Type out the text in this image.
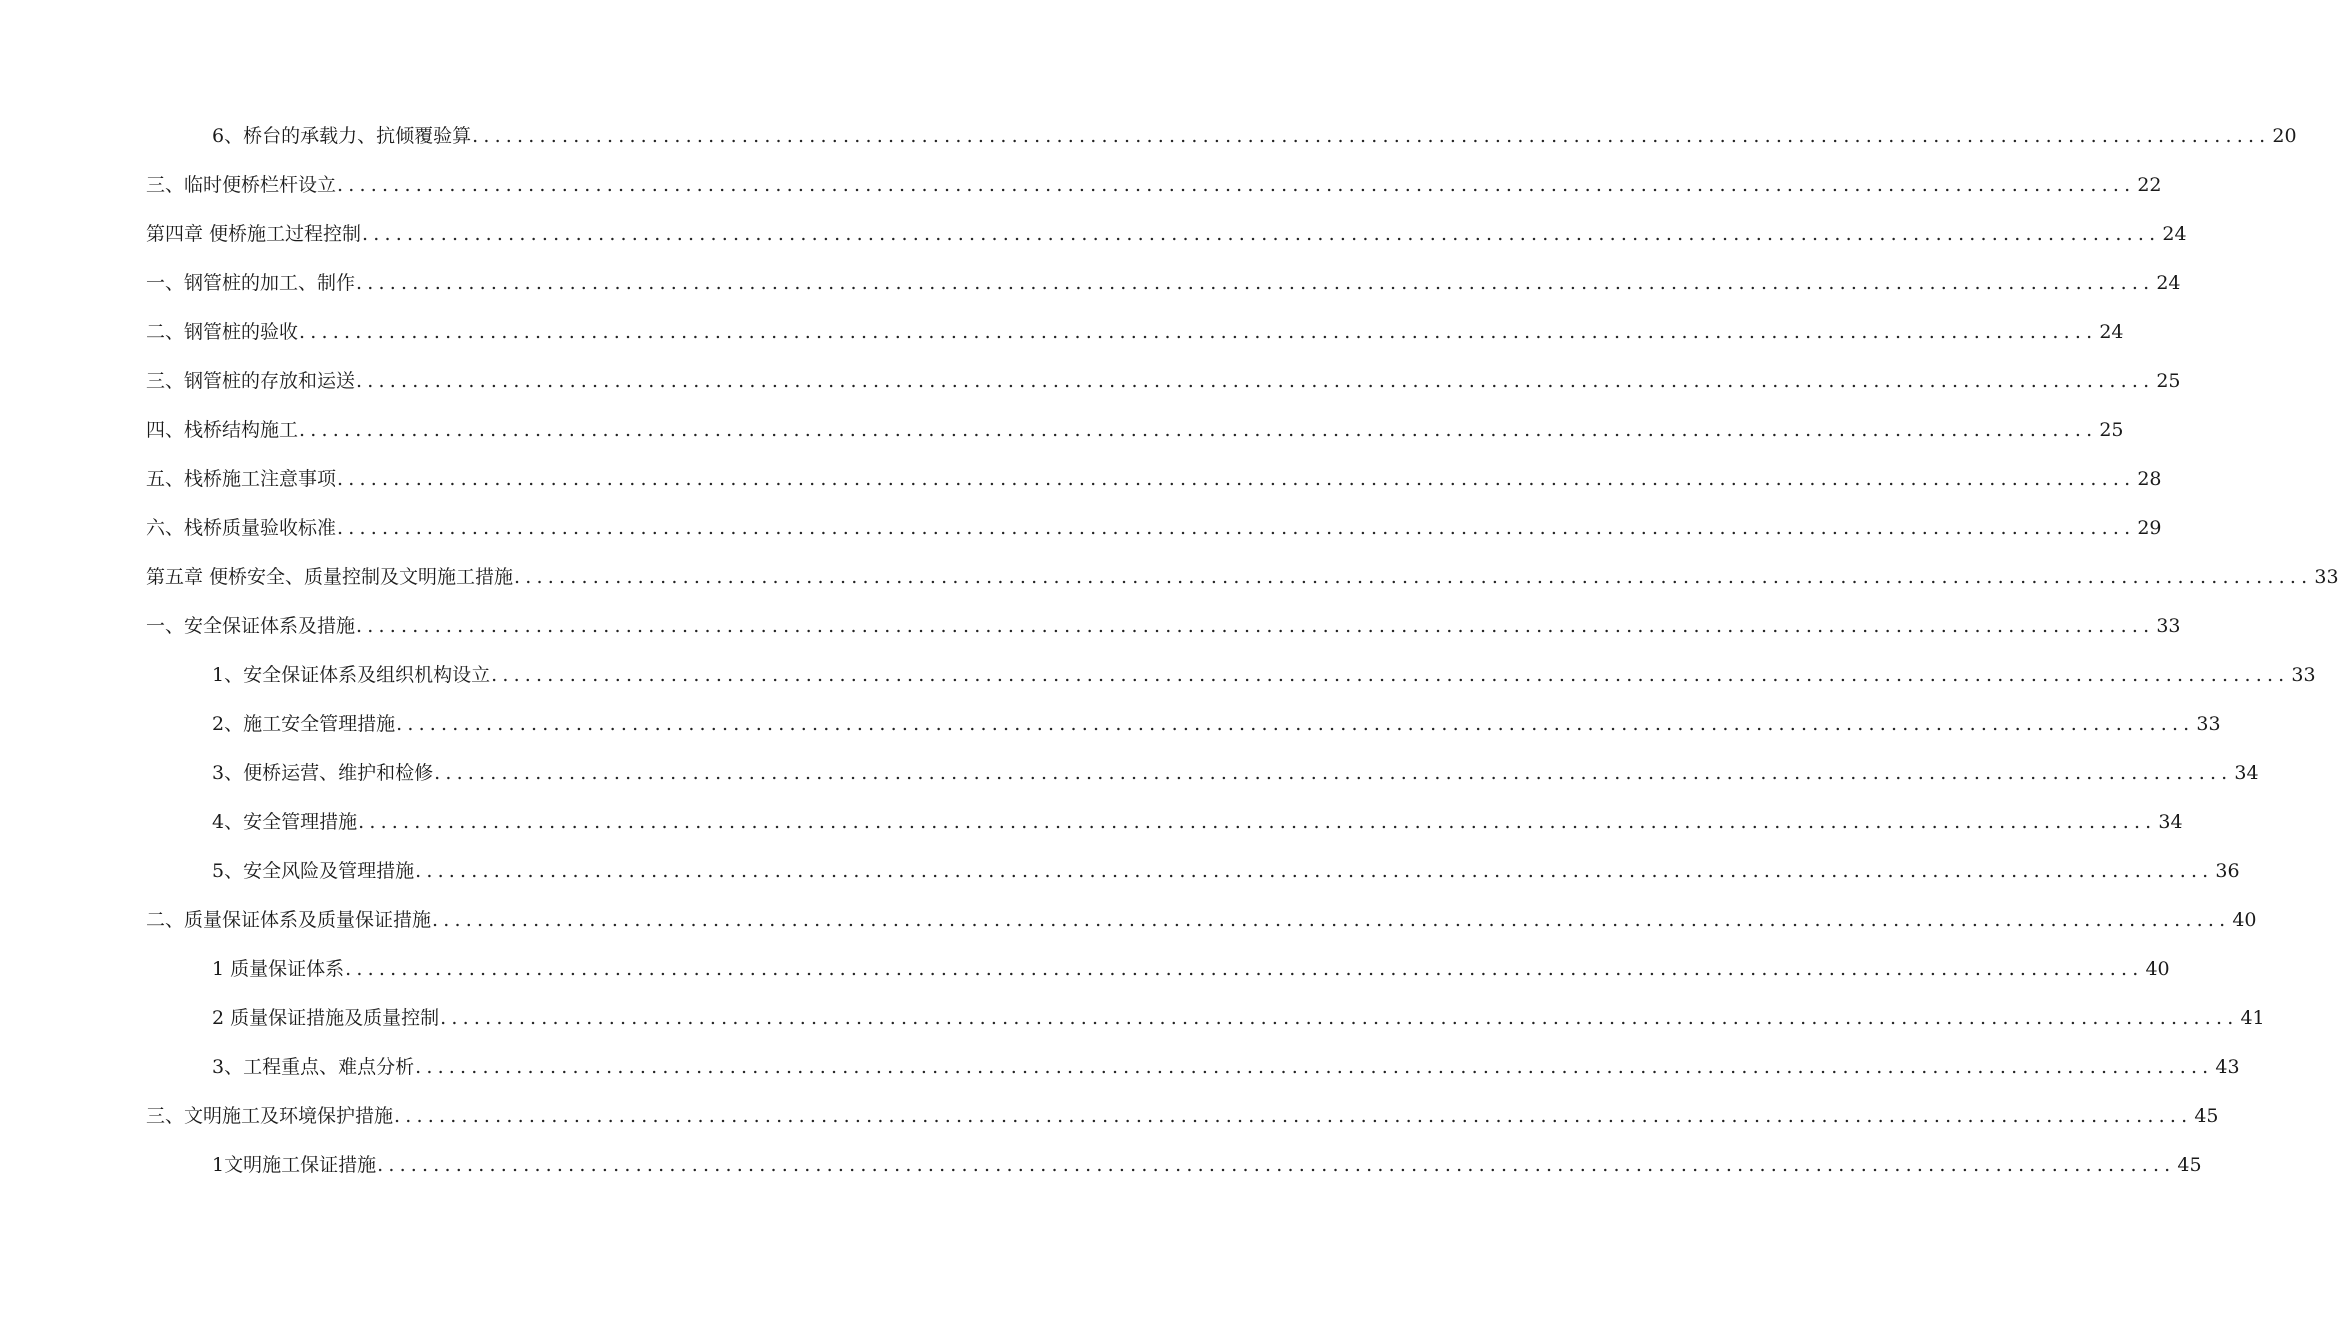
6、桥台的承载力、抗倾覆验算 ................................................................................................................................................................ 20
三、临时便桥栏杆设立 ................................................................................................................................................................ 22
第四章 便桥施工过程控制 ................................................................................................................................................................ 24
一、钢管桩的加工、制作 ................................................................................................................................................................ 24
二、钢管桩的验收 ................................................................................................................................................................ 24
三、钢管桩的存放和运送 ................................................................................................................................................................ 25
四、栈桥结构施工 ................................................................................................................................................................ 25
五、栈桥施工注意事项 ................................................................................................................................................................ 28
六、栈桥质量验收标准 ................................................................................................................................................................ 29
第五章 便桥安全、质量控制及文明施工措施 ................................................................................................................................................................ 33
一、安全保证体系及措施 ................................................................................................................................................................ 33
1、安全保证体系及组织机构设立 ................................................................................................................................................................ 33
2、施工安全管理措施 ................................................................................................................................................................ 33
3、便桥运营、维护和检修 ................................................................................................................................................................ 34
4、安全管理措施 ................................................................................................................................................................ 34
5、安全风险及管理措施 ................................................................................................................................................................ 36
二、质量保证体系及质量保证措施 ................................................................................................................................................................ 40
1 质量保证体系 ................................................................................................................................................................ 40
2 质量保证措施及质量控制 ................................................................................................................................................................ 41
3、工程重点、难点分析 ................................................................................................................................................................ 43
三、文明施工及环境保护措施 ................................................................................................................................................................ 45
1文明施工保证措施 ................................................................................................................................................................ 45
